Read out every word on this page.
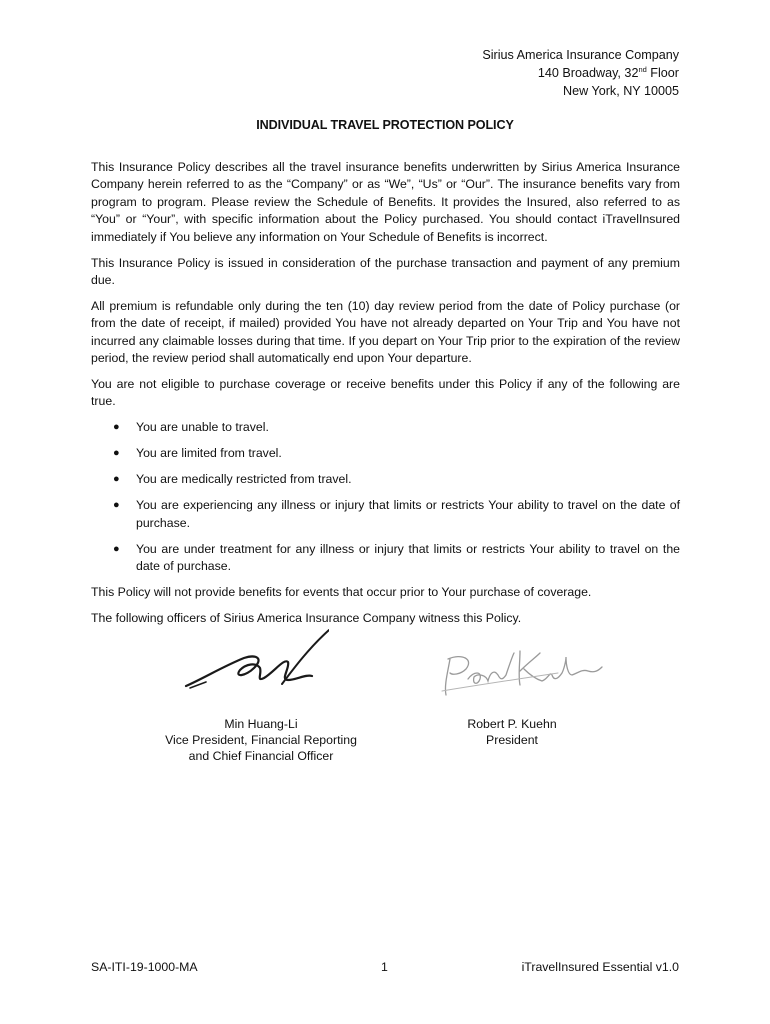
Sirius America Insurance Company
140 Broadway, 32nd Floor
New York, NY 10005
INDIVIDUAL TRAVEL PROTECTION POLICY

This Insurance Policy describes all the travel insurance benefits underwritten by Sirius America Insurance Company herein referred to as the “Company” or as “We”, “Us” or “Our”. The insurance benefits vary from program to program. Please review the Schedule of Benefits. It provides the Insured, also referred to as “You” or “Your”, with specific information about the Policy purchased. You should contact iTravelInsured immediately if You believe any information on Your Schedule of Benefits is incorrect.

This Insurance Policy is issued in consideration of the purchase transaction and payment of any premium due.

All premium is refundable only during the ten (10) day review period from the date of Policy purchase (or from the date of receipt, if mailed) provided You have not already departed on Your Trip and You have not incurred any claimable losses during that time. If you depart on Your Trip prior to the expiration of the review period, the review period shall automatically end upon Your departure.

You are not eligible to purchase coverage or receive benefits under this Policy if any of the following are true.

● You are unable to travel.
● You are limited from travel.
● You are medically restricted from travel.
● You are experiencing any illness or injury that limits or restricts Your ability to travel on the date of purchase.
● You are under treatment for any illness or injury that limits or restricts Your ability to travel on the date of purchase.

This Policy will not provide benefits for events that occur prior to Your purchase of coverage.

The following officers of Sirius America Insurance Company witness this Policy.

Min Huang-Li
Vice President, Financial Reporting
and Chief Financial Officer
Robert P. Kuehn
President
SA-ITI-19-1000-MA	1	iTravelInsured Essential v1.0
